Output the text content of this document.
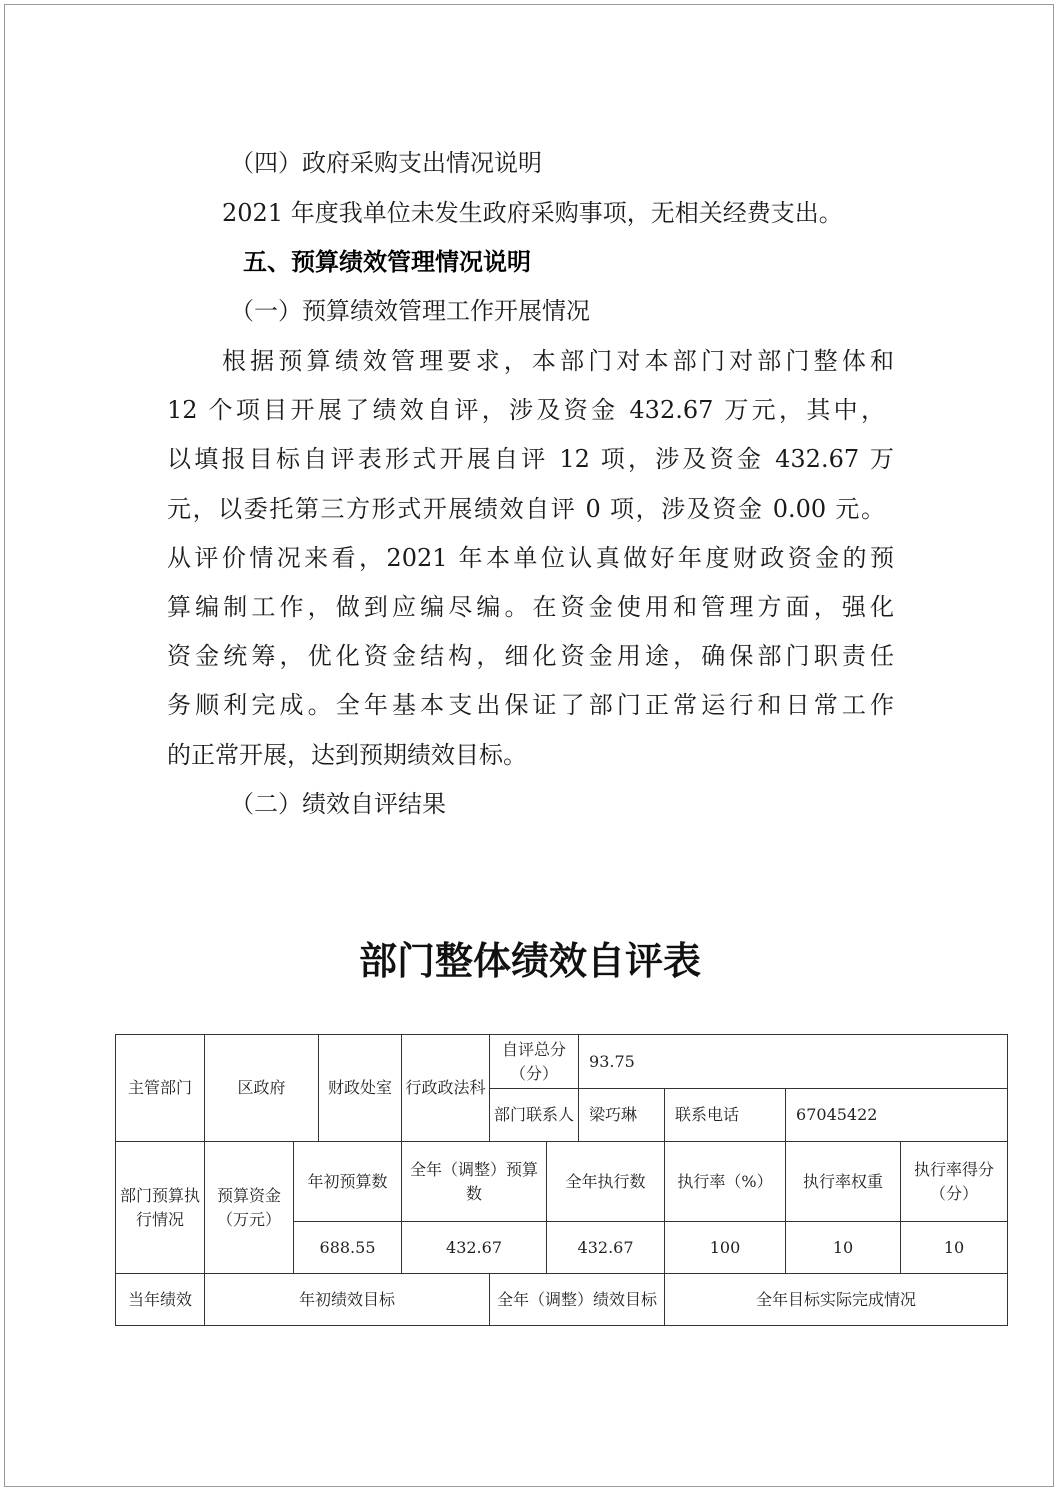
（四）政府采购支出情况说明
2021 年度我单位未发生政府采购事项，无相关经费支出。
五、预算绩效管理情况说明
（一）预算绩效管理工作开展情况
根据预算绩效管理要求，本部门对本部门对部门整体和
12 个项目开展了绩效自评，涉及资金 432.67 万元，其中，
以填报目标自评表形式开展自评 12 项，涉及资金 432.67 万
元，以委托第三方形式开展绩效自评 0 项，涉及资金 0.00 元。
从评价情况来看，2021 年本单位认真做好年度财政资金的预
算编制工作，做到应编尽编。在资金使用和管理方面，强化
资金统筹，优化资金结构，细化资金用途，确保部门职责任
务顺利完成。全年基本支出保证了部门正常运行和日常工作
的正常开展，达到预期绩效目标。
（二）绩效自评结果
部门整体绩效自评表
主管部门	区政府		财政处室	行政政法科	自评总分（分）		93.75			
					部门联系人		梁巧琳	联系电话	67045422	
部门预算执行情况	预算资金（万元）	年初预算数		全年（调整）预算数		全年执行数		执行率（%）	执行率权重	执行率得分（分）
		688.55		432.67		432.67		100	10	10
当年绩效	年初绩效目标				全年（调整）绩效目标			全年目标实际完成情况		
